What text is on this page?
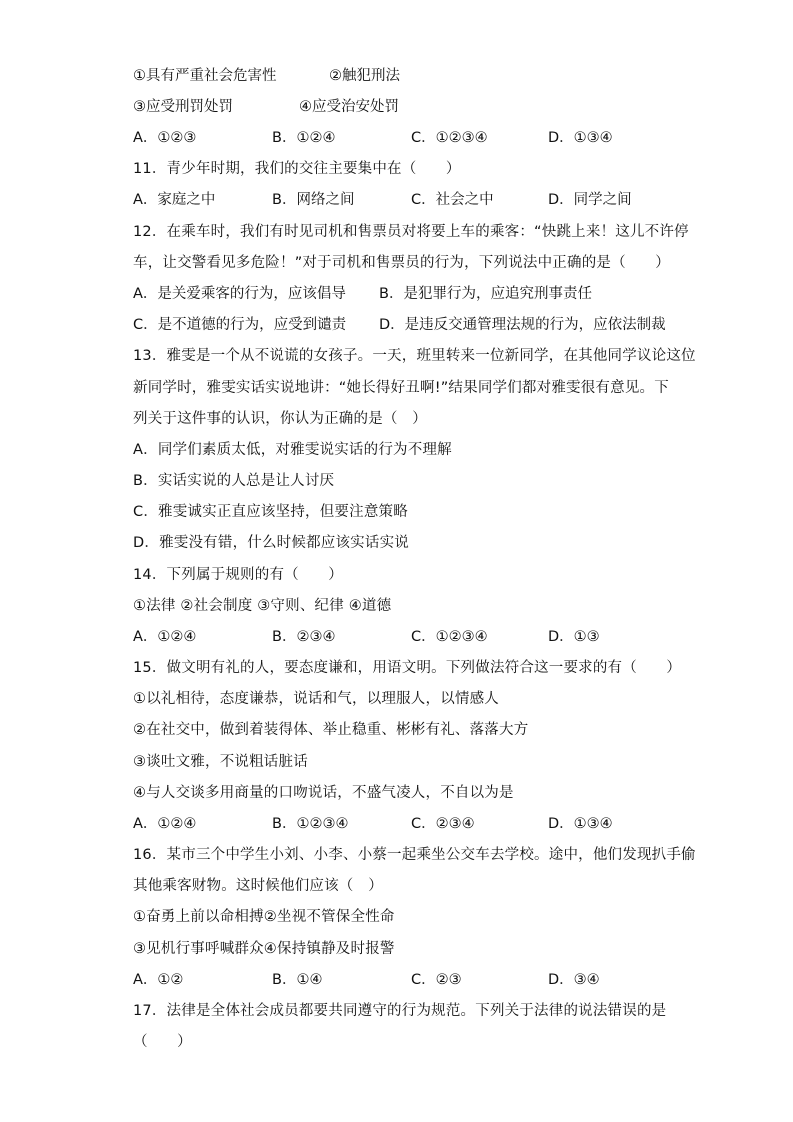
①具有严重社会危害性	②触犯刑法
③应受刑罚处罚	④应受治安处罚
A．①②③	B．①②④	C．①②③④	D．①③④
11．青少年时期，我们的交往主要集中在（　　）
A．家庭之中	B．网络之间	C．社会之中	D．同学之间
12．在乘车时，我们有时见司机和售票员对将要上车的乘客：“快跳上来！这儿不许停
车，让交警看见多危险！”对于司机和售票员的行为，下列说法中正确的是（　　）
A．是关爱乘客的行为，应该倡导 B．是犯罪行为，应追究刑事责任
C．是不道德的行为，应受到谴责 D．是违反交通管理法规的行为，应依法制裁
13．雅雯是一个从不说谎的女孩子。一天，班里转来一位新同学，在其他同学议论这位
新同学时，雅雯实话实说地讲：“她长得好丑啊!”结果同学们都对雅雯很有意见。下
列关于这件事的认识，你认为正确的是（　）
A．同学们素质太低，对雅雯说实话的行为不理解
B．实话实说的人总是让人讨厌
C．雅雯诚实正直应该坚持，但要注意策略
D．雅雯没有错，什么时候都应该实话实说
14．下列属于规则的有（　　）
①法律 ②社会制度 ③守则、纪律 ④道德
A．①②④	B．②③④	C．①②③④	D．①③
15．做文明有礼的人，要态度谦和，用语文明。下列做法符合这一要求的有（　　）
①以礼相待，态度谦恭，说话和气，以理服人，以情感人
②在社交中，做到着装得体、举止稳重、彬彬有礼、落落大方
③谈吐文雅，不说粗话脏话
④与人交谈多用商量的口吻说话，不盛气凌人，不自以为是
A．①②④	B．①②③④	C．②③④	D．①③④
16．某市三个中学生小刘、小李、小蔡一起乘坐公交车去学校。途中，他们发现扒手偷
其他乘客财物。这时候他们应该（　）
①奋勇上前以命相搏②坐视不管保全性命
③见机行事呼喊群众④保持镇静及时报警
A．①②	B．①④	C．②③	D．③④
17．法律是全体社会成员都要共同遵守的行为规范。下列关于法律的说法错误的是
（　　）
